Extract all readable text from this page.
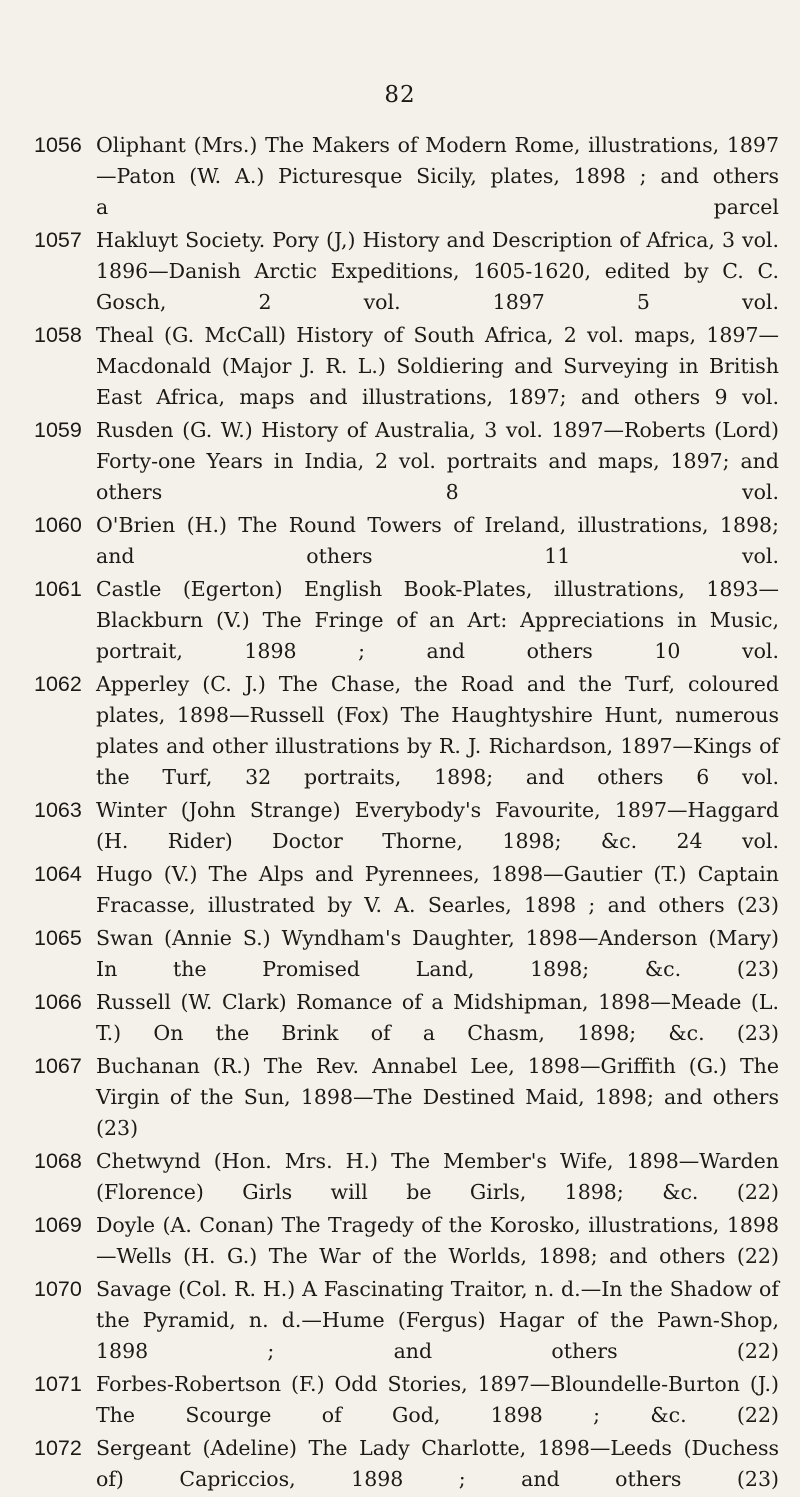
82
1056 Oliphant (Mrs.) The Makers of Modern Rome, illustrations, 1897—Paton (W. A.) Picturesque Sicily, plates, 1898 ; and others a parcel
1057 Hakluyt Society. Pory (J,) History and Description of Africa, 3 vol. 1896—Danish Arctic Expeditions, 1605-1620, edited by C. C. Gosch, 2 vol. 1897	5 vol.
1058 Theal (G. McCall) History of South Africa, 2 vol. maps, 1897—Macdonald (Major J. R. L.) Soldiering and Surveying in British East Africa, maps and illustrations, 1897; and others 9 vol.
1059 Rusden (G. W.) History of Australia, 3 vol. 1897—Roberts (Lord) Forty-one Years in India, 2 vol. portraits and maps, 1897; and others	8 vol.
1060 O'Brien (H.) The Round Towers of Ireland, illustrations, 1898; and others	11 vol.
1061 Castle (Egerton) English Book-Plates, illustrations, 1893—Blackburn (V.) The Fringe of an Art: Appreciations in Music, portrait, 1898 ; and others	10 vol.
1062 Apperley (C. J.) The Chase, the Road and the Turf, coloured plates, 1898—Russell (Fox) The Haughtyshire Hunt, numerous plates and other illustrations by R. J. Richardson, 1897—Kings of the Turf, 32 portraits, 1898; and others 6 vol.
1063 Winter (John Strange) Everybody's Favourite, 1897—Haggard (H. Rider) Doctor Thorne, 1898; &c. 24 vol.
1064 Hugo (V.) The Alps and Pyrennees, 1898—Gautier (T.) Captain Fracasse, illustrated by V. A. Searles, 1898 ; and others (23)
1065 Swan (Annie S.) Wyndham's Daughter, 1898—Anderson (Mary) In the Promised Land, 1898; &c.	(23)
1066 Russell (W. Clark) Romance of a Midshipman, 1898—Meade (L. T.) On the Brink of a Chasm, 1898; &c. (23)
1067 Buchanan (R.) The Rev. Annabel Lee, 1898—Griffith (G.) The Virgin of the Sun, 1898—The Destined Maid, 1898; and others (23)
1068 Chetwynd (Hon. Mrs. H.) The Member's Wife, 1898—Warden (Florence) Girls will be Girls, 1898; &c. (22)
1069 Doyle (A. Conan) The Tragedy of the Korosko, illustrations, 1898—Wells (H. G.) The War of the Worlds, 1898; and others (22)
1070 Savage (Col. R. H.) A Fascinating Traitor, n. d.—In the Shadow of the Pyramid, n. d.—Hume (Fergus) Hagar of the Pawn-Shop, 1898 ; and others	(22)
1071 Forbes-Robertson (F.) Odd Stories, 1897—Bloundelle-Burton (J.) The Scourge of God, 1898 ; &c. (22)
1072 Sergeant (Adeline) The Lady Charlotte, 1898—Leeds (Duchess of) Capriccios, 1898 ; and others	(23)
